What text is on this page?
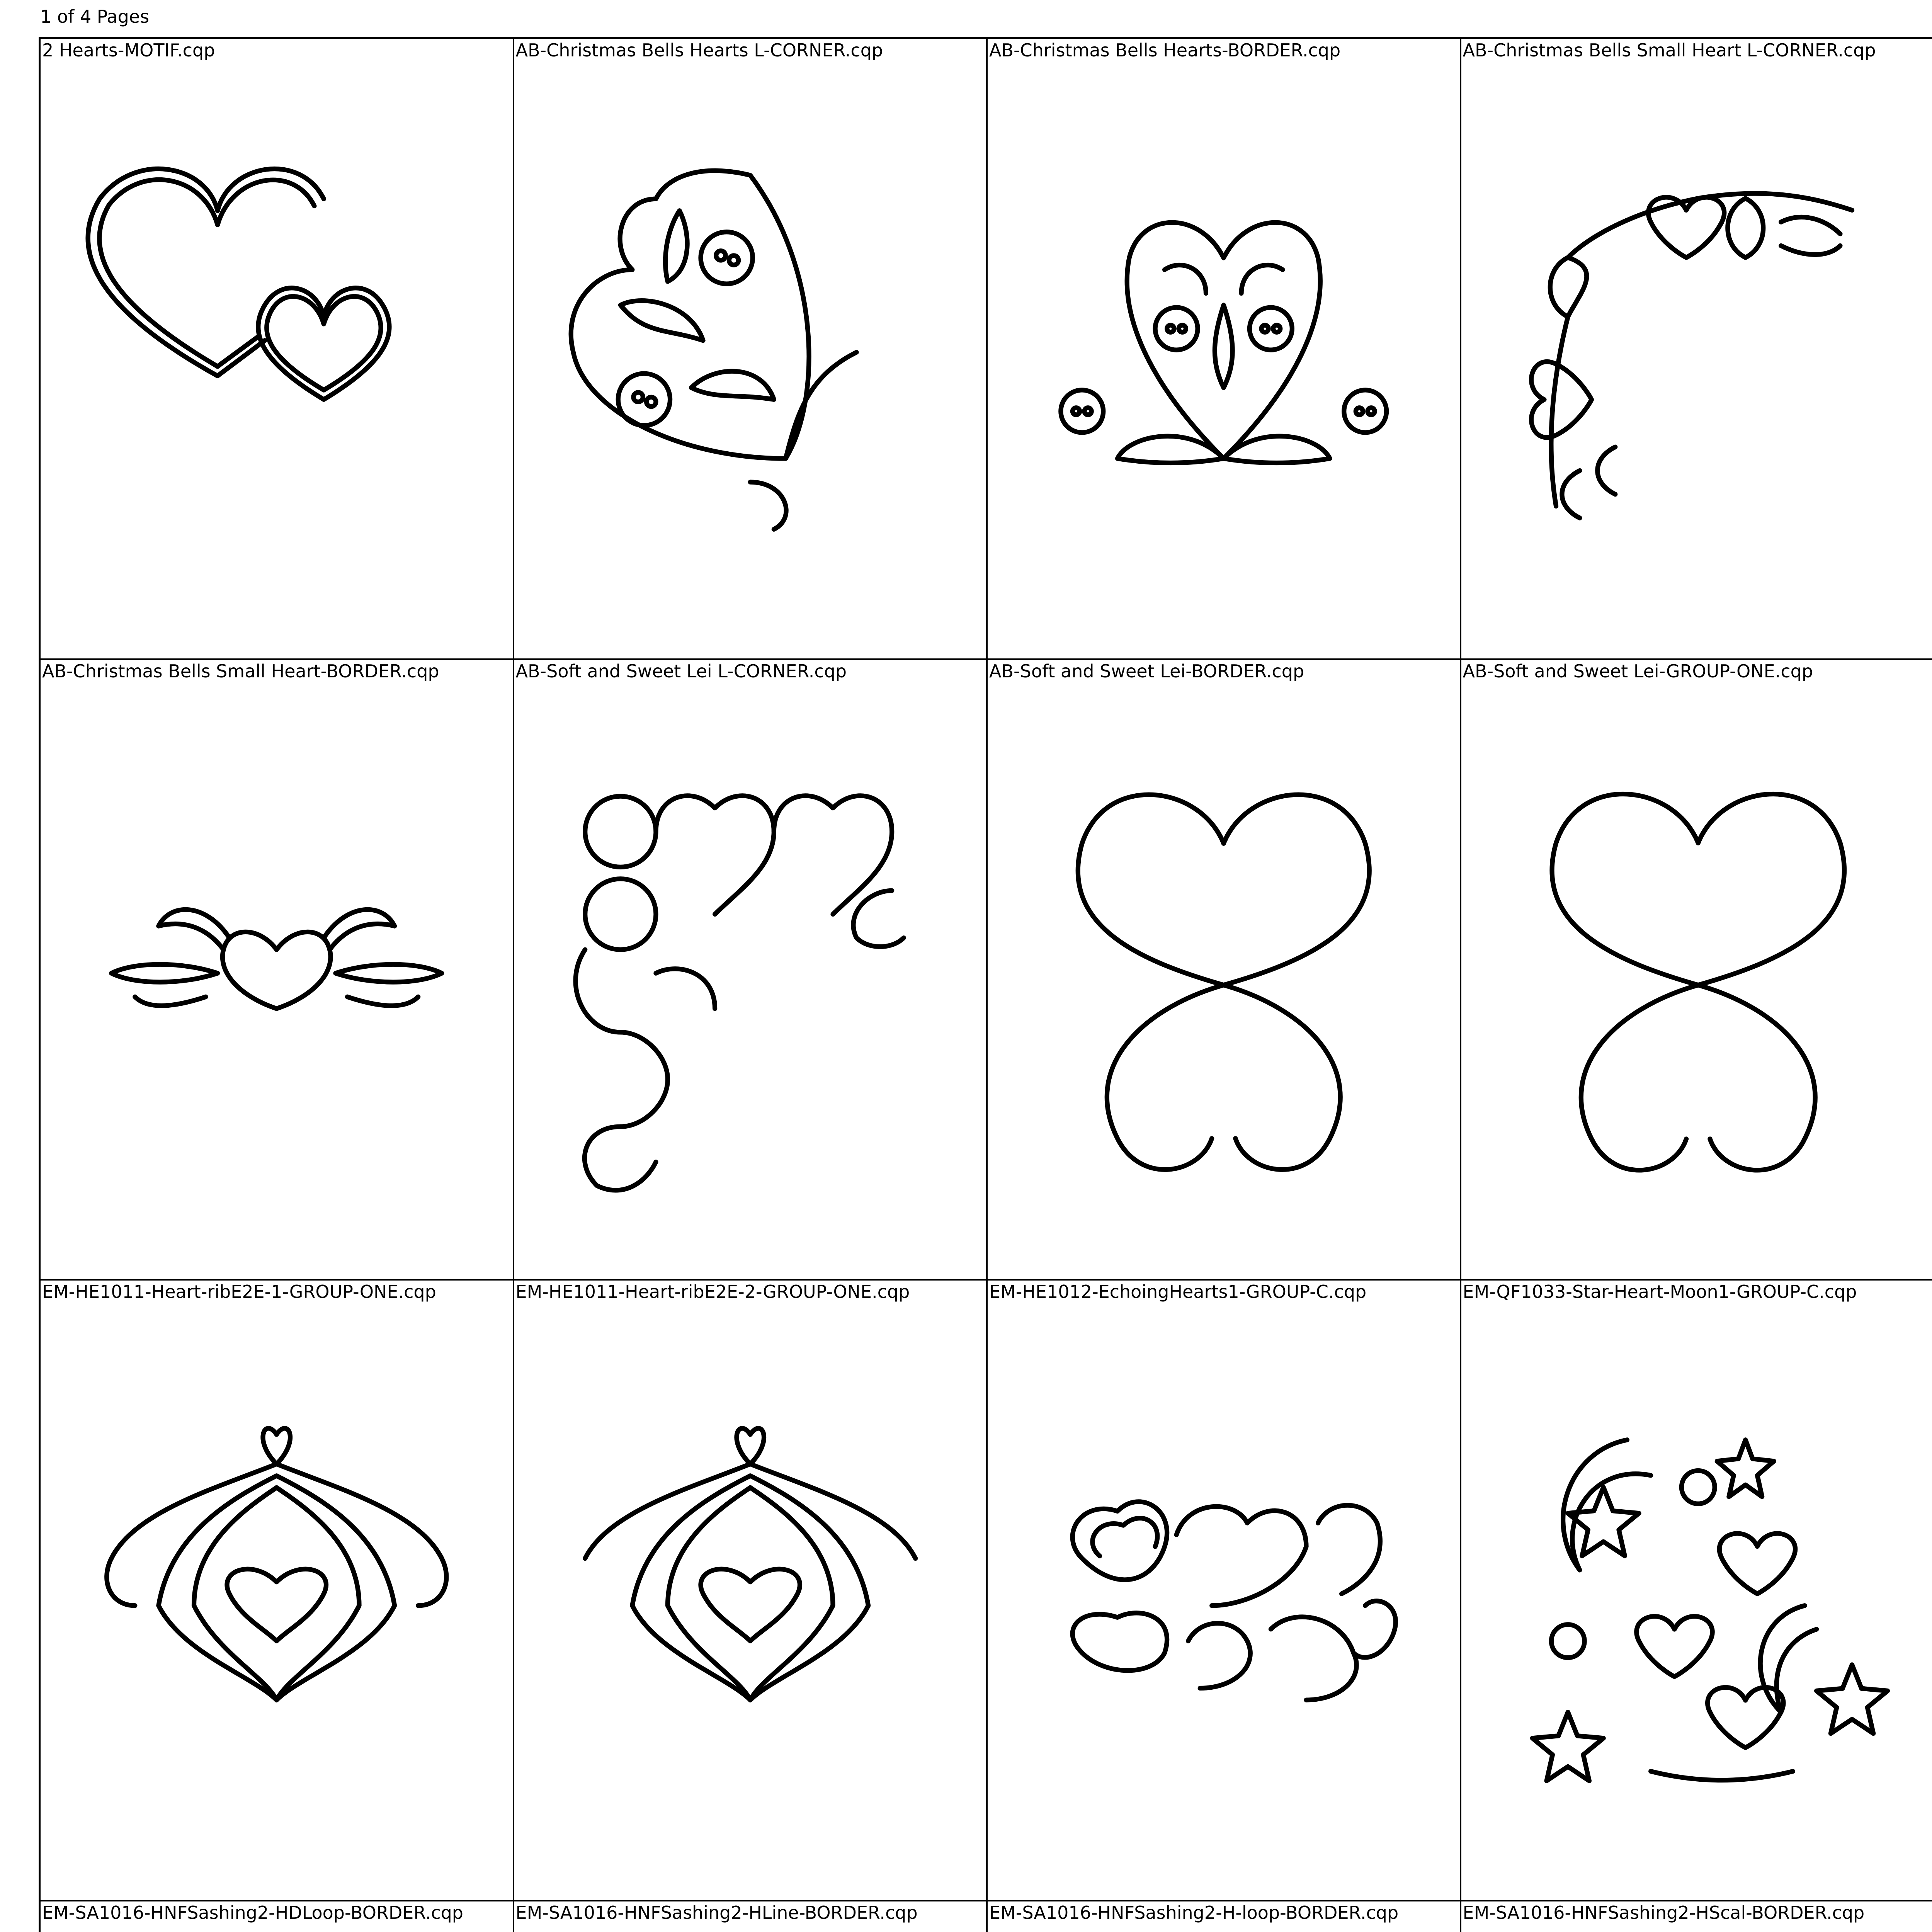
1 of 4 Pages
2 Hearts-MOTIF.cqp	AB-Christmas Bells Hearts L-CORNER.cqp	AB-Christmas Bells Hearts-BORDER.cqp	AB-Christmas Bells Small Heart L-CORNER.cqp
AB-Christmas Bells Small Heart-BORDER.cqp	AB-Soft and Sweet Lei L-CORNER.cqp	AB-Soft and Sweet Lei-BORDER.cqp	AB-Soft and Sweet Lei-GROUP-ONE.cqp
EM-HE1011-Heart-ribE2E-1-GROUP-ONE.cqp	EM-HE1011-Heart-ribE2E-2-GROUP-ONE.cqp	EM-HE1012-EchoingHearts1-GROUP-C.cqp	EM-QF1033-Star-Heart-Moon1-GROUP-C.cqp
EM-SA1016-HNFSashing2-HDLoop-BORDER.cqp	EM-SA1016-HNFSashing2-HLine-BORDER.cqp	EM-SA1016-HNFSashing2-H-loop-BORDER.cqp	EM-SA1016-HNFSashing2-HScal-BORDER.cqp
